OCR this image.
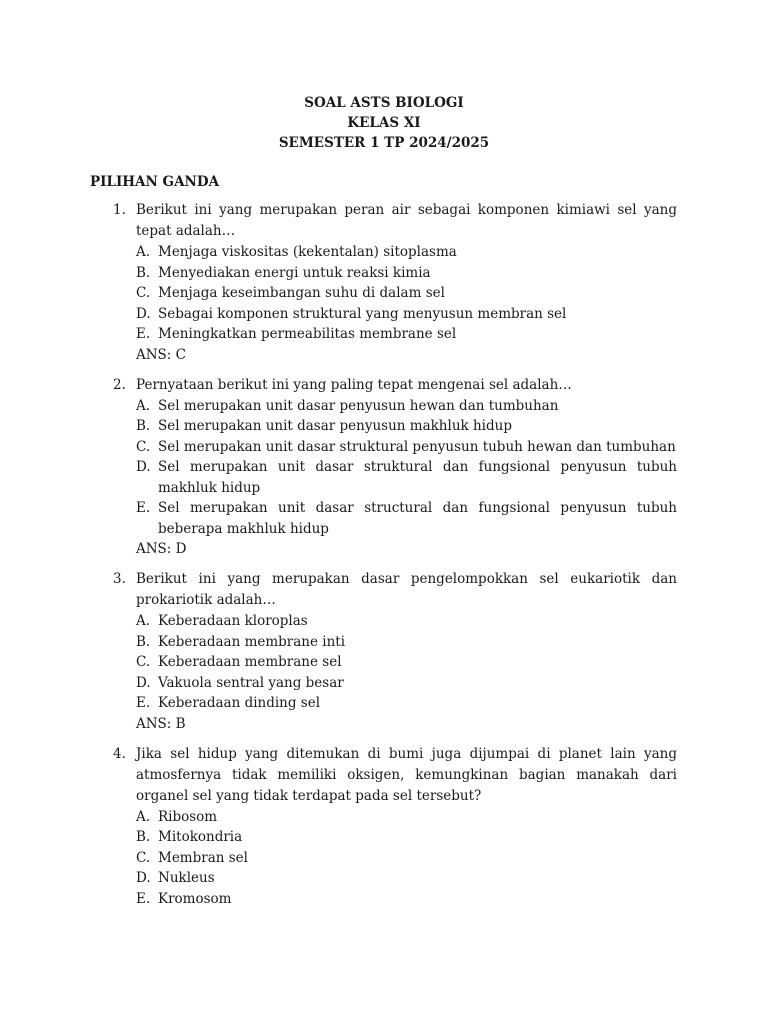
SOAL ASTS BIOLOGI
KELAS XI
SEMESTER 1 TP 2024/2025
PILIHAN GANDA
1. Berikut ini yang merupakan peran air sebagai komponen kimiawi sel yang tepat adalah…
A. Menjaga viskositas (kekentalan) sitoplasma
B. Menyediakan energi untuk reaksi kimia
C. Menjaga keseimbangan suhu di dalam sel
D. Sebagai komponen struktural yang menyusun membran sel
E. Meningkatkan permeabilitas membrane sel
ANS: C
2. Pernyataan berikut ini yang paling tepat mengenai sel adalah…
A. Sel merupakan unit dasar penyusun hewan dan tumbuhan
B. Sel merupakan unit dasar penyusun makhluk hidup
C. Sel merupakan unit dasar struktural penyusun tubuh hewan dan tumbuhan
D. Sel merupakan unit dasar struktural dan fungsional penyusun tubuh makhluk hidup
E. Sel merupakan unit dasar structural dan fungsional penyusun tubuh beberapa makhluk hidup
ANS: D
3. Berikut ini yang merupakan dasar pengelompokkan sel eukariotik dan prokariotik adalah…
A. Keberadaan kloroplas
B. Keberadaan membrane inti
C. Keberadaan membrane sel
D. Vakuola sentral yang besar
E. Keberadaan dinding sel
ANS: B
4. Jika sel hidup yang ditemukan di bumi juga dijumpai di planet lain yang atmosfernya tidak memiliki oksigen, kemungkinan bagian manakah dari organel sel yang tidak terdapat pada sel tersebut?
A. Ribosom
B. Mitokondria
C. Membran sel
D. Nukleus
E. Kromosom
